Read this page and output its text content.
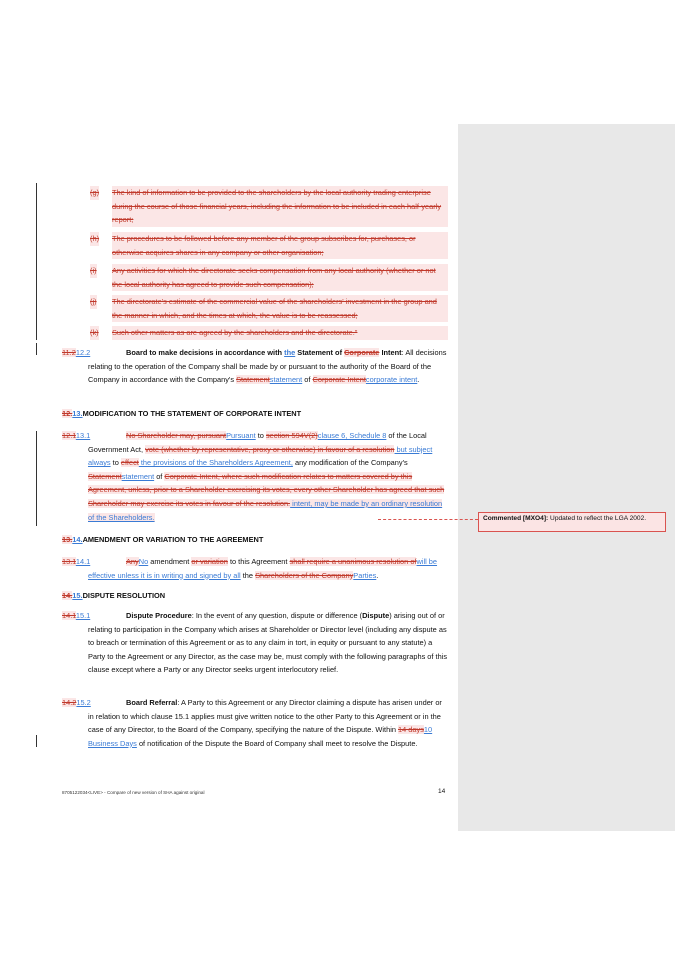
Commented [MXO4]: Updated to reflect the LGA 2002.
(g) The kind of information to be provided to the shareholders by the local authority trading enterprise during the course of those financial years, including the information to be included in each half-yearly report;
(h) The procedures to be followed before any member of the group subscribes for, purchases, or otherwise acquires shares in any company or other organisation;
(i) Any activities for which the directorate seeks compensation from any local authority (whether or not the local authority has agreed to provide such compensation);
(j) The directorate's estimate of the commercial value of the shareholders' investment in the group and the manner in which, and the times at which, the value is to be reassessed;
(k) Such other matters as are agreed by the shareholders and the directorate."
11.212.2	Board to make decisions in accordance with the Statement of Corporate Intent: All decisions relating to the operation of the Company shall be made by or pursuant to the authority of the Board of the Company in accordance with the Company's Statementstatement of Corporate Intentcorporate intent.
12.13.MODIFICATION TO THE STATEMENT OF CORPORATE INTENT
12.113.1	No Shareholder may, pursuantPursuant to section 594V(2)clause 6, Schedule 8 of the Local Government Act, vote (whether by representative, proxy or otherwise) in favour of a resolution but subject always to effect the provisions of the Shareholders Agreement, any modification of the Company's Statementstatement of Corporate Intent, where such modification relates to matters covered by this Agreement, unless, prior to a Shareholder exercising its votes, every other Shareholder has agreed that such Shareholder may exercise its votes in favour of the resolution. intent, may be made by an ordinary resolution of the Shareholders.
13.14.AMENDMENT OR VARIATION TO THE AGREEMENT
13.114.1	AnyNo amendment or variation to this Agreement shall require a unanimous resolution ofwill be effective unless it is in writing and signed by all the Shareholders of the CompanyParties.
14.15.DISPUTE RESOLUTION
14.115.1	Dispute Procedure: In the event of any question, dispute or difference (Dispute) arising out of or relating to participation in the Company which arises at Shareholder or Director level (including any dispute as to breach or termination of this Agreement or as to any claim in tort, in equity or pursuant to any statute) a Party to the Agreement or any Director, as the case may be, must comply with the following paragraphs of this clause except where a Party or any Director seeks urgent interlocutory relief.
14.215.2	Board Referral: A Party to this Agreement or any Director claiming a dispute has arisen under or in relation to which clause 15.1 applies must give written notice to the other Party to this Agreement or in the case of any Director, to the Board of the Company, specifying the nature of the Dispute. Within 14 days10 Business Days of notification of the Dispute the Board of Company shall meet to resolve the Dispute.
8705122034<LIVE> - Compare of new version of SHA against original	14
